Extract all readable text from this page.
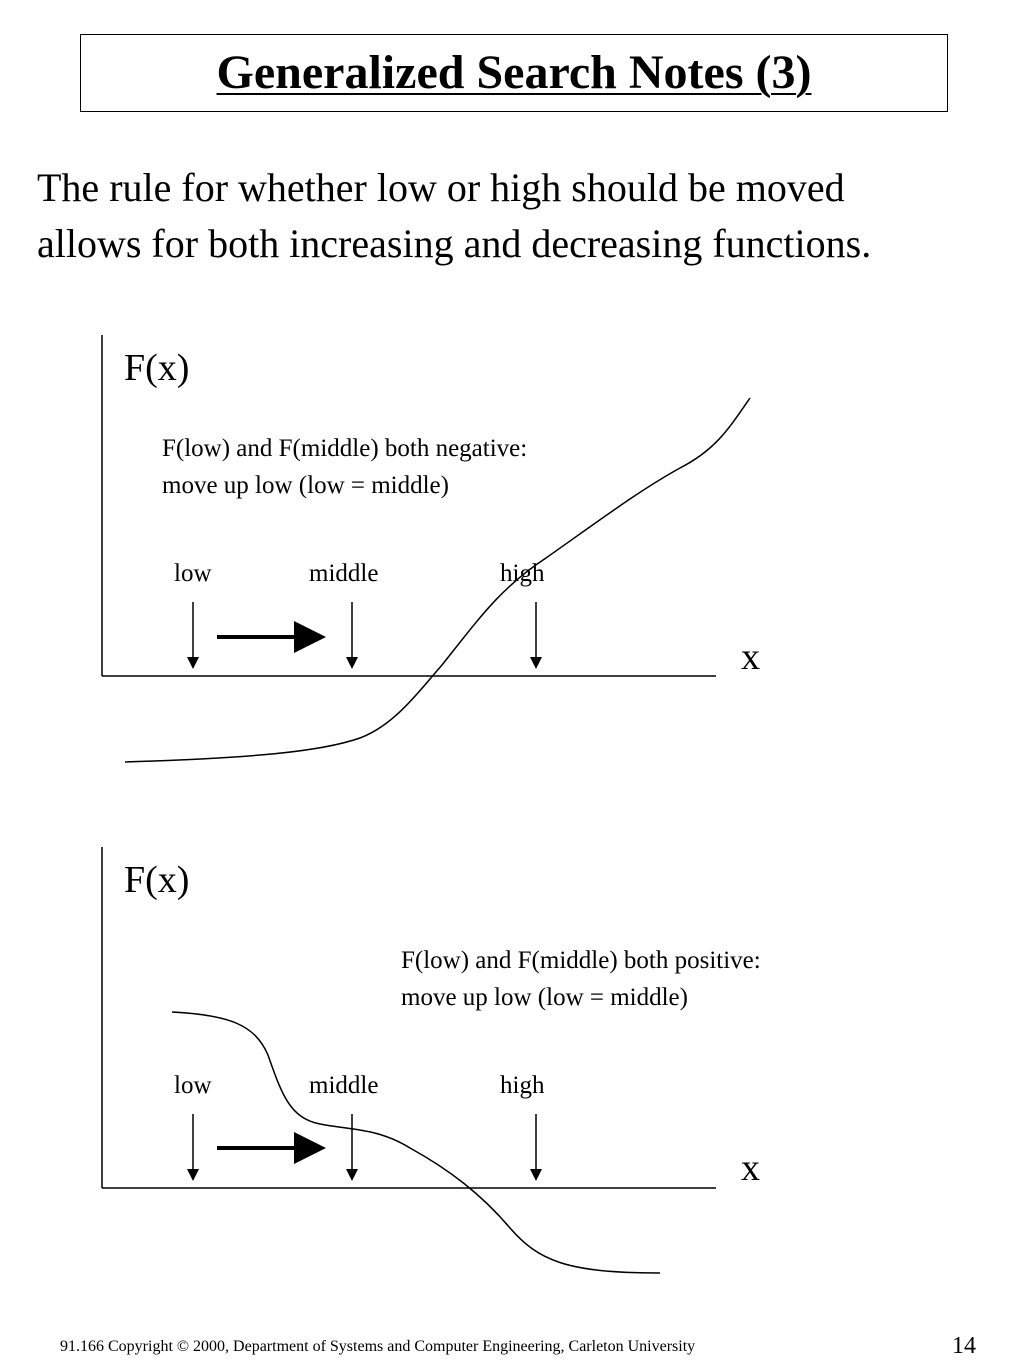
Generalized Search Notes (3)
The rule for whether low or high should be moved
allows for both increasing and decreasing functions.
F(x)
x
F(low) and F(middle) both negative:
move up low (low = middle)
low	middle	high
F(x)
x
F(low) and F(middle) both positive:
move up low (low = middle)
low	middle	high
91.166 Copyright © 2000, Department of Systems and Computer Engineering, Carleton University	14
